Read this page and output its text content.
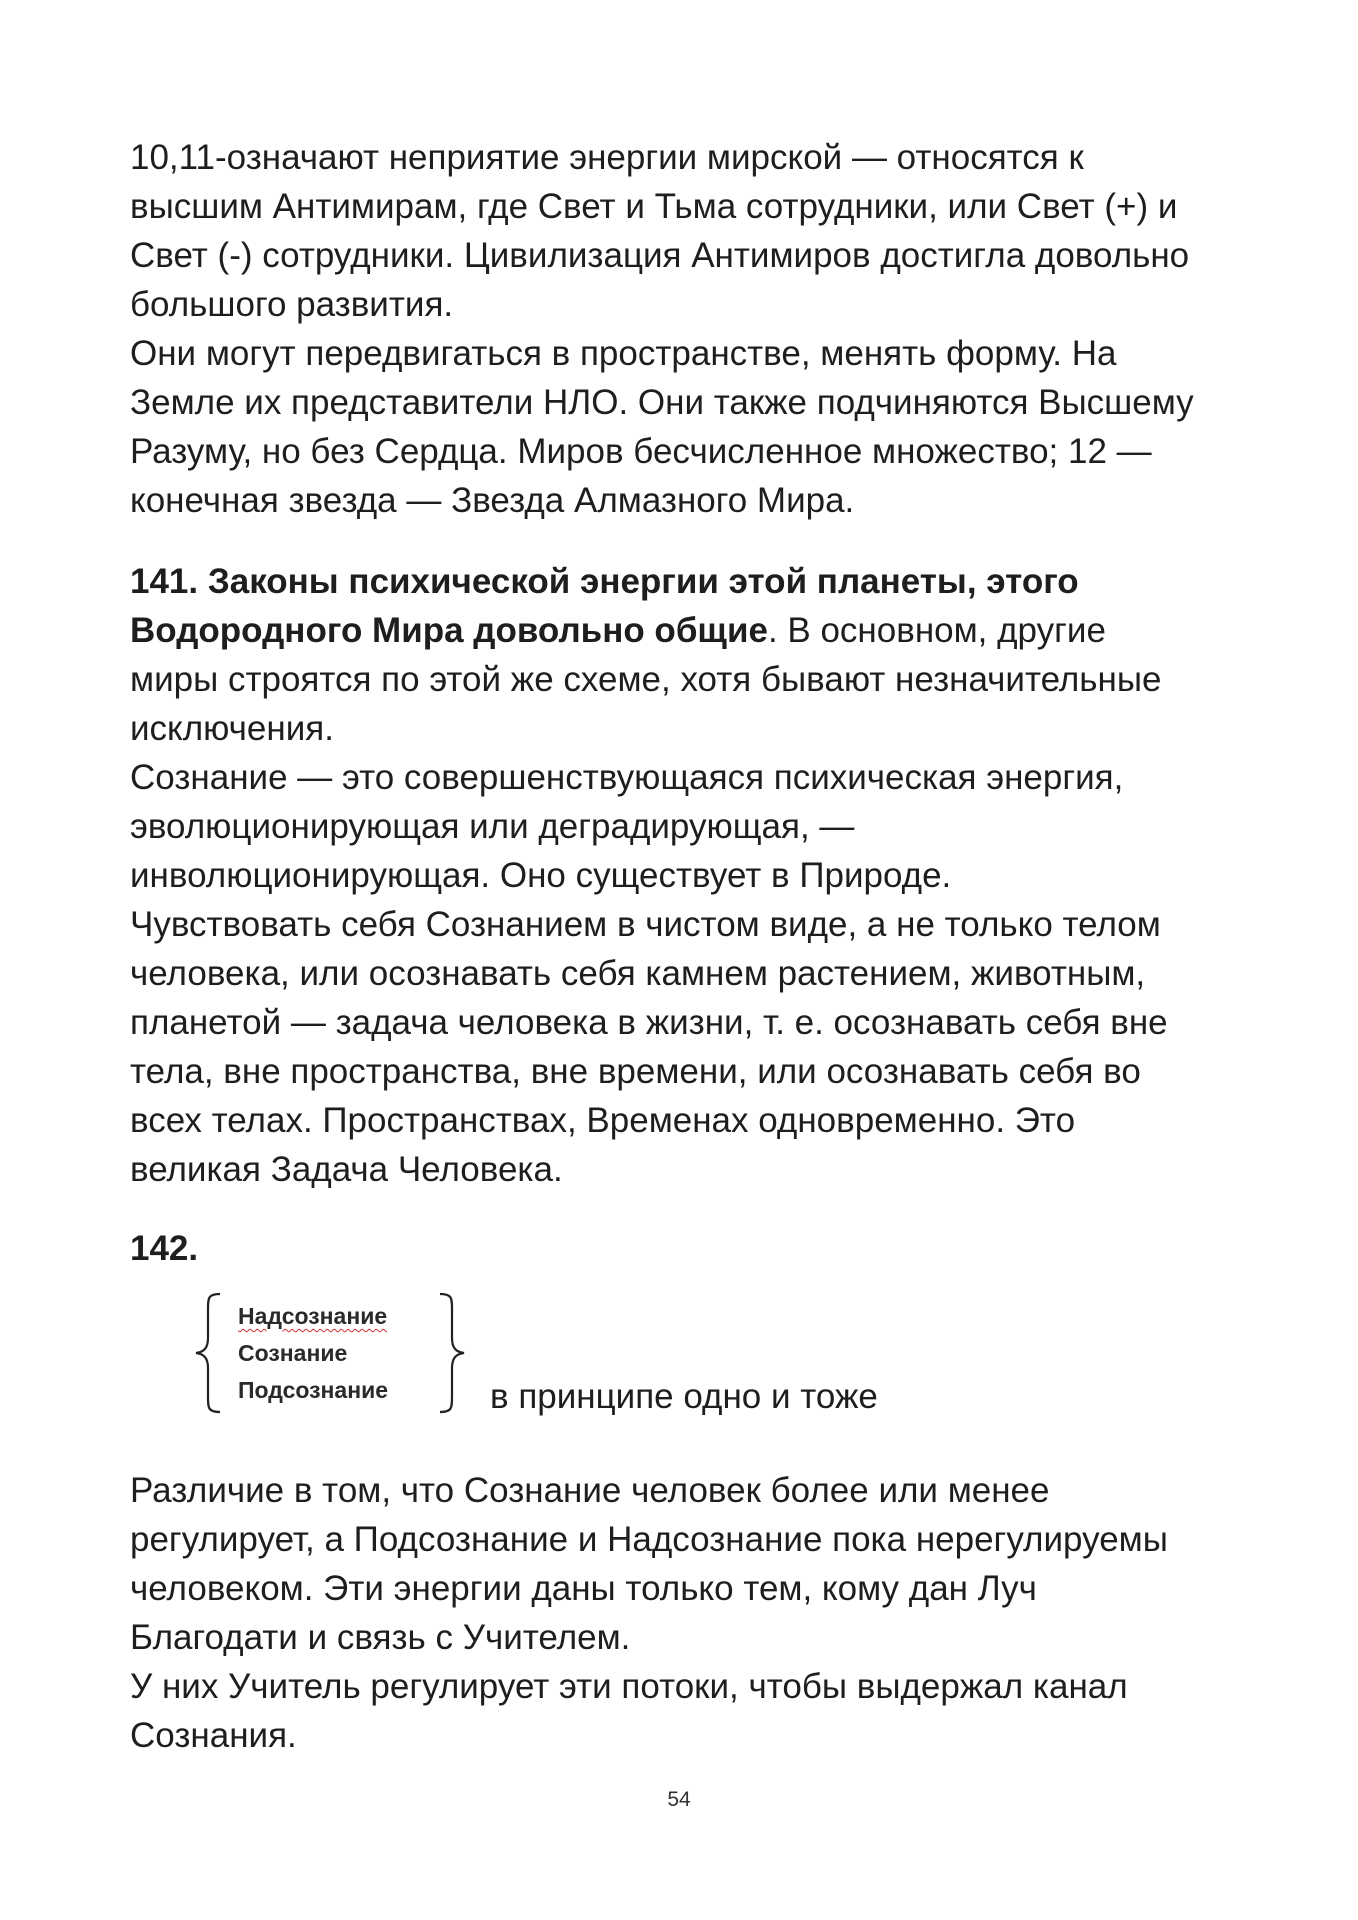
10,11-означают неприятие энергии мирской — относятся к
высшим Антимирам, где Свет и Тьма сотрудники, или Свет (+) и
Свет (-) сотрудники. Цивилизация Антимиров достигла довольно
большого развития.
Они могут передвигаться в пространстве, менять форму. На
Земле их представители НЛО. Они также подчиняются Высшему
Разуму, но без Сердца. Миров бесчисленное множество; 12 —
конечная звезда — Звезда Алмазного Мира.
141. Законы психической энергии этой планеты, этого
Водородного Мира довольно общие. В основном, другие
миры строятся по этой же схеме, хотя бывают незначительные
исключения.
Сознание — это совершенствующаяся психическая энергия,
эволюционирующая или деградирующая, —
инволюционирующая. Оно существует в Природе.
Чувствовать себя Сознанием в чистом виде, а не только телом
человека, или осознавать себя камнем растением, животным,
планетой — задача человека в жизни, т. е. осознавать себя вне
тела, вне пространства, вне времени, или осознавать себя во
всех телах. Пространствах, Временах одновременно. Это
великая Задача Человека.
142.
Надсознание
Сознание
Подсознание	в принципе одно и тоже
Различие в том, что Сознание человек более или менее
регулирует, а Подсознание и Надсознание пока нерегулируемы
человеком. Эти энергии даны только тем, кому дан Луч
Благодати и связь с Учителем.
У них Учитель регулирует эти потоки, чтобы выдержал канал
Сознания.
54
